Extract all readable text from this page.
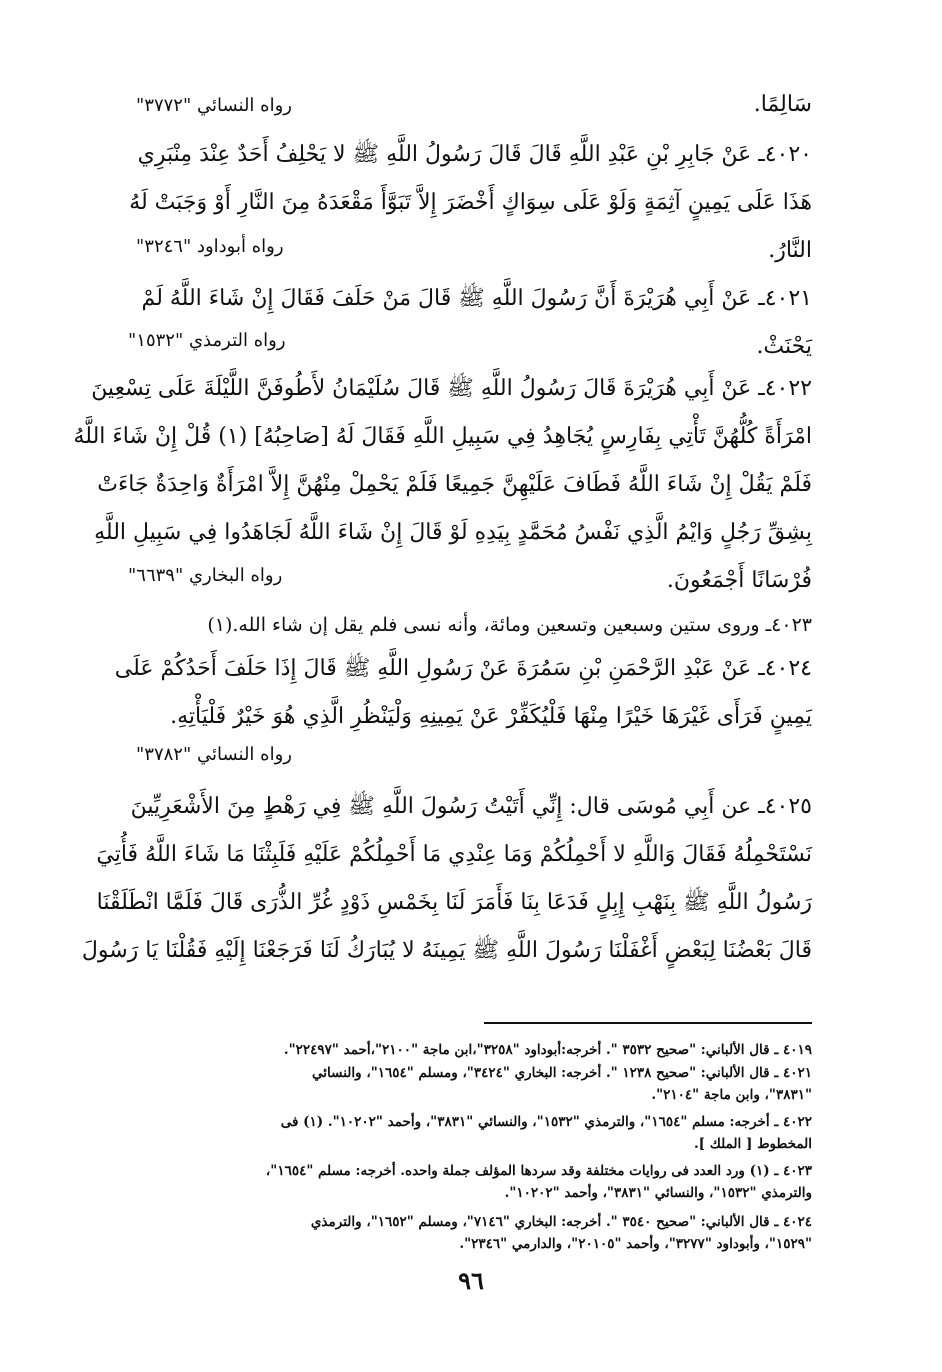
سَالِمًا.
رواه النسائي "٣٧٧٢"
٤٠٢٠ـ عَنْ جَابِرِ بْنِ عَبْدِ اللَّهِ قَالَ قَالَ رَسُولُ اللَّهِ ﷺ لا يَحْلِفُ أَحَدٌ عِنْدَ مِنْبَرِي
هَذَا عَلَى يَمِينٍ آثِمَةٍ وَلَوْ عَلَى سِوَاكٍ أَخْضَرَ إِلاَّ تَبَوَّأَ مَقْعَدَهُ مِنَ النَّارِ أَوْ وَجَبَتْ لَهُ
النَّارُ.
رواه أبوداود "٣٢٤٦"
٤٠٢١ـ عَنْ أَبِي هُرَيْرَةَ أَنَّ رَسُولَ اللَّهِ ﷺ قَالَ مَنْ حَلَفَ فَقَالَ إِنْ شَاءَ اللَّهُ لَمْ
يَحْنَثْ.
رواه الترمذي "١٥٣٢"
٤٠٢٢ـ عَنْ أَبِي هُرَيْرَةَ قَالَ رَسُولُ اللَّهِ ﷺ قَالَ سُلَيْمَانُ لأَطُوفَنَّ اللَّيْلَةَ عَلَى تِسْعِينَ
امْرَأَةً كُلُّهُنَّ تَأْتِي بِفَارِسٍ يُجَاهِدُ فِي سَبِيلِ اللَّهِ فَقَالَ لَهُ [صَاحِبُهُ] (١) قُلْ إِنْ شَاءَ اللَّهُ
فَلَمْ يَقُلْ إِنْ شَاءَ اللَّهُ فَطَافَ عَلَيْهِنَّ جَمِيعًا فَلَمْ يَحْمِلْ مِنْهُنَّ إِلاَّ امْرَأَةٌ وَاحِدَةٌ جَاءَتْ
بِشِقِّ رَجُلٍ وَايْمُ الَّذِي نَفْسُ مُحَمَّدٍ بِيَدِهِ لَوْ قَالَ إِنْ شَاءَ اللَّهُ لَجَاهَدُوا فِي سَبِيلِ اللَّهِ
فُرْسَانًا أَجْمَعُونَ.
رواه البخاري "٦٦٣٩"
٤٠٢٣ـ وروى ستين وسبعين وتسعين ومائة، وأنه نسى فلم يقل إن شاء الله.(١)
٤٠٢٤ـ عَنْ عَبْدِ الرَّحْمَنِ بْنِ سَمُرَةَ عَنْ رَسُولِ اللَّهِ ﷺ قَالَ إِذَا حَلَفَ أَحَدُكُمْ عَلَى
يَمِينٍ فَرَأَى غَيْرَهَا خَيْرًا مِنْهَا فَلْيُكَفِّرْ عَنْ يَمِينِهِ وَلْيَنْظُرِ الَّذِي هُوَ خَيْرٌ فَلْيَأْتِهِ.
رواه النسائي "٣٧٨٢"
٤٠٢٥ـ عن أَبِي مُوسَى قال: إِنِّي أَتَيْتُ رَسُولَ اللَّهِ ﷺ فِي رَهْطٍ مِنَ الأَشْعَرِيِّينَ
نَسْتَحْمِلُهُ فَقَالَ وَاللَّهِ لا أَحْمِلُكُمْ وَمَا عِنْدِي مَا أَحْمِلُكُمْ عَلَيْهِ فَلَبِثْنَا مَا شَاءَ اللَّهُ فَأُتِيَ
رَسُولُ اللَّهِ ﷺ بِنَهْبِ إِبِلٍ فَدَعَا بِنَا فَأَمَرَ لَنَا بِخَمْسِ ذَوْدٍ غُرِّ الذُّرَى قَالَ فَلَمَّا انْطَلَقْنَا
قَالَ بَعْضُنَا لِبَعْضٍ أَغْفَلْنَا رَسُولَ اللَّهِ ﷺ يَمِينَهُ لا يُبَارَكُ لَنَا فَرَجَعْنَا إِلَيْهِ فَقُلْنَا يَا رَسُولَ
٤٠١٩ ـ قال الألباني: "صحيح ٣٥٣٢ ". أخرجه:أبوداود "٣٢٥٨"،ابن ماجة "٢١٠٠"،أحمد "٢٢٤٩٧".
٤٠٢١ ـ قال الألباني: "صحيح ١٢٣٨ ". أخرجه: البخاري "٣٤٢٤"، ومسلم "١٦٥٤"، والنسائي
"٣٨٣١"، وابن ماجة "٢١٠٤".
٤٠٢٢ ـ أخرجه: مسلم "١٦٥٤"، والترمذي "١٥٣٢"، والنسائي "٣٨٣١"، وأحمد "١٠٢٠٢". (١) فى
المخطوط [ الملك ].
٤٠٢٣ ـ (١) ورد العدد فى روايات مختلفة وقد سردها المؤلف جملة واحده. أخرجه: مسلم "١٦٥٤"،
والترمذي "١٥٣٢"، والنسائي "٣٨٣١"، وأحمد "١٠٢٠٢".
٤٠٢٤ ـ قال الألباني: "صحيح ٣٥٤٠ ". أخرجه: البخاري "٧١٤٦"، ومسلم "١٦٥٢"، والترمذي
"١٥٢٩"، وأبوداود "٣٢٧٧"، وأحمد "٢٠١٠٥"، والدارمي "٢٣٤٦".
٩٦
